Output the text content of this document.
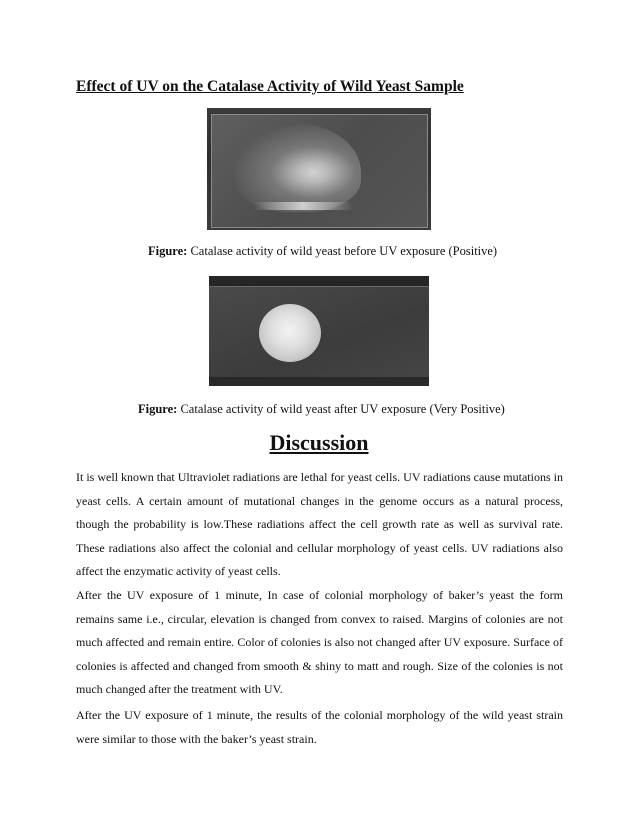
Effect of UV on the Catalase Activity of Wild Yeast Sample
Figure: Catalase activity of wild yeast before UV exposure (Positive)
Figure: Catalase activity of wild yeast after UV exposure (Very Positive)
Discussion

It is well known that Ultraviolet radiations are lethal for yeast cells. UV radiations cause mutations in yeast cells. A certain amount of mutational changes in the genome occurs as a natural process, though the probability is low.These radiations affect the cell growth rate as well as survival rate. These radiations also affect the colonial and cellular morphology of yeast cells. UV radiations also affect the enzymatic activity of yeast cells.

After the UV exposure of 1 minute, In case of colonial morphology of baker’s yeast the form remains same i.e., circular, elevation is changed from convex to raised. Margins of colonies are not much affected and remain entire. Color of colonies is also not changed after UV exposure. Surface of colonies is affected and changed from smooth & shiny to matt and rough. Size of the colonies is not much changed after the treatment with UV.

After the UV exposure of 1 minute, the results of the colonial morphology of the wild yeast strain were similar to those with the baker’s yeast strain.
